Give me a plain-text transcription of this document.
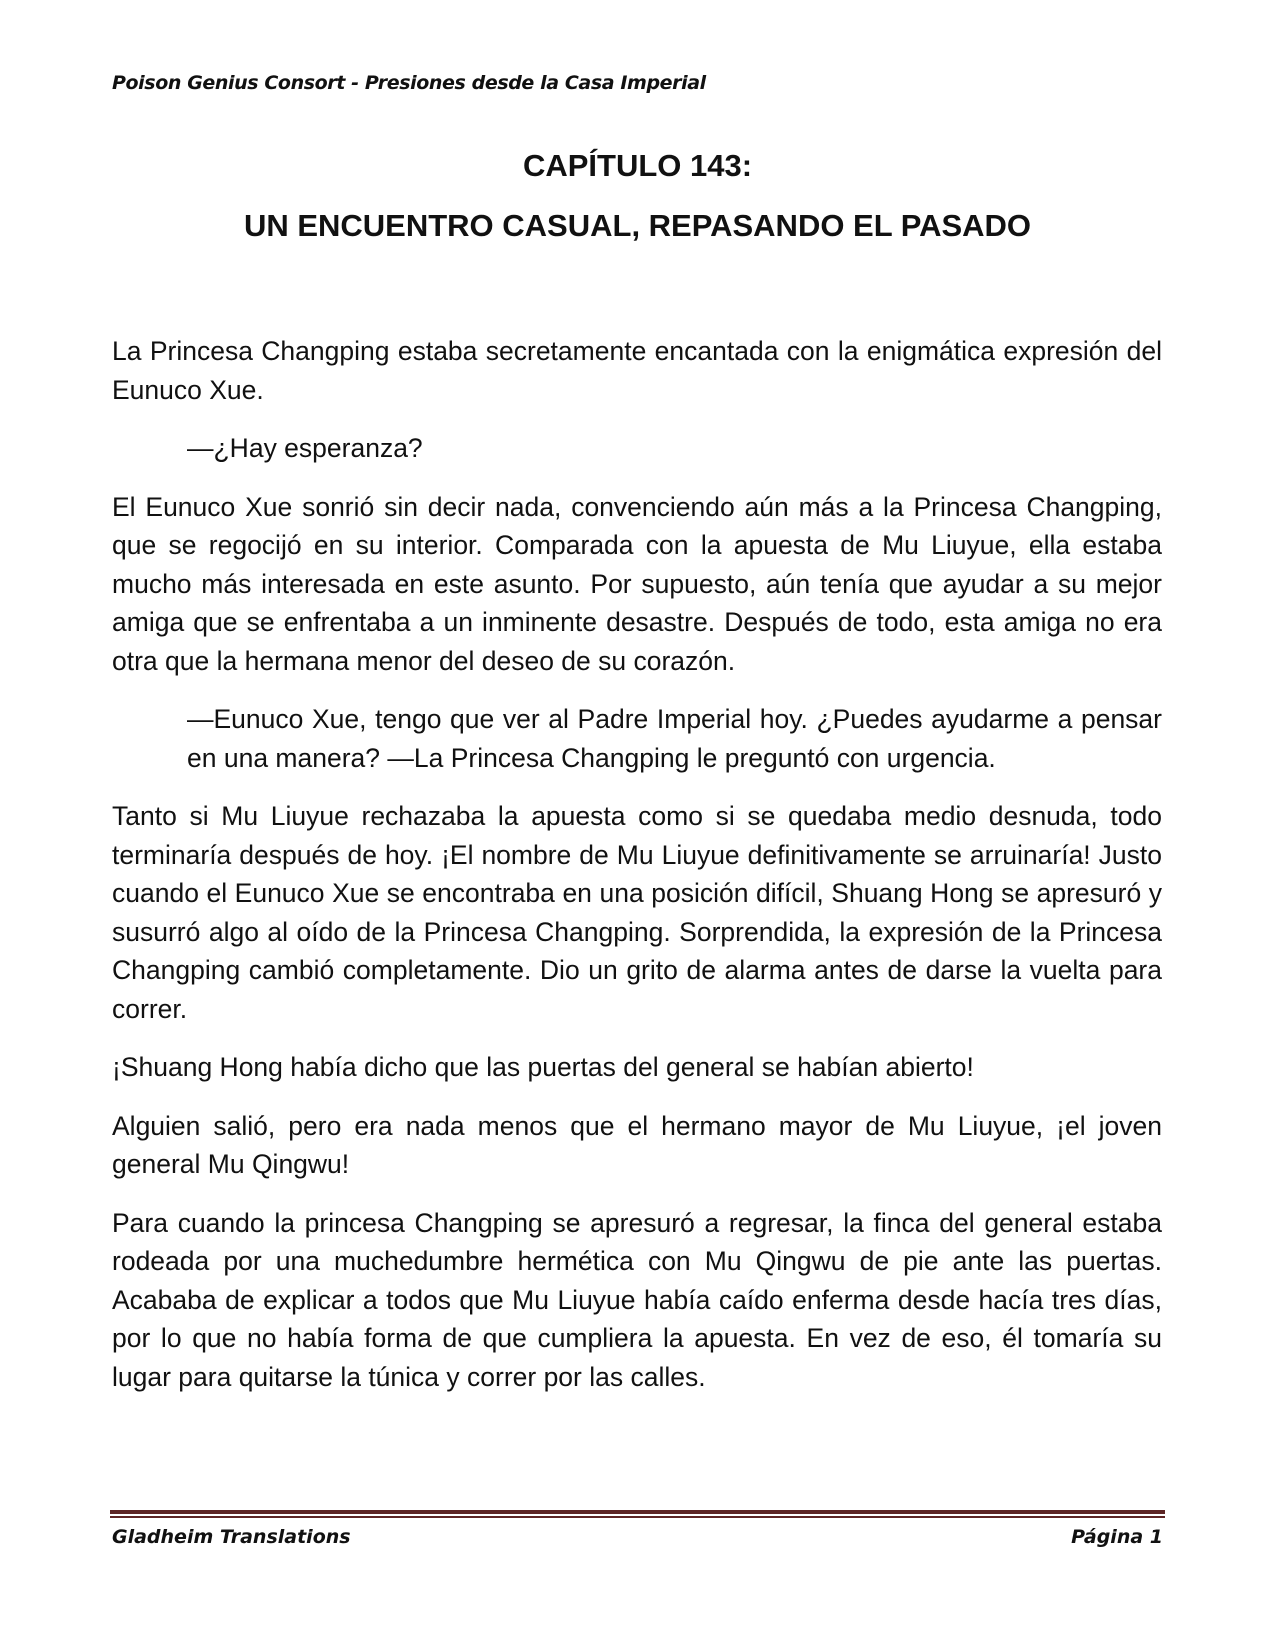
Poison Genius Consort - Presiones desde la Casa Imperial
CAPÍTULO 143:
UN ENCUENTRO CASUAL, REPASANDO EL PASADO

La Princesa Changping estaba secretamente encantada con la enigmática expresión del Eunuco Xue.

—¿Hay esperanza?

El Eunuco Xue sonrió sin decir nada, convenciendo aún más a la Princesa Changping, que se regocijó en su interior. Comparada con la apuesta de Mu Liuyue, ella estaba mucho más interesada en este asunto. Por supuesto, aún tenía que ayudar a su mejor amiga que se enfrentaba a un inminente desastre. Después de todo, esta amiga no era otra que la hermana menor del deseo de su corazón.

—Eunuco Xue, tengo que ver al Padre Imperial hoy. ¿Puedes ayudarme a pensar en una manera? —La Princesa Changping le preguntó con urgencia.

Tanto si Mu Liuyue rechazaba la apuesta como si se quedaba medio desnuda, todo terminaría después de hoy. ¡El nombre de Mu Liuyue definitivamente se arruinaría! Justo cuando el Eunuco Xue se encontraba en una posición difícil, Shuang Hong se apresuró y susurró algo al oído de la Princesa Changping. Sorprendida, la expresión de la Princesa Changping cambió completamente. Dio un grito de alarma antes de darse la vuelta para correr.

¡Shuang Hong había dicho que las puertas del general se habían abierto!

Alguien salió, pero era nada menos que el hermano mayor de Mu Liuyue, ¡el joven general Mu Qingwu!

Para cuando la princesa Changping se apresuró a regresar, la finca del general estaba rodeada por una muchedumbre hermética con Mu Qingwu de pie ante las puertas. Acababa de explicar a todos que Mu Liuyue había caído enferma desde hacía tres días, por lo que no había forma de que cumpliera la apuesta. En vez de eso, él tomaría su lugar para quitarse la túnica y correr por las calles.

Gladheim Translations	Página 1
